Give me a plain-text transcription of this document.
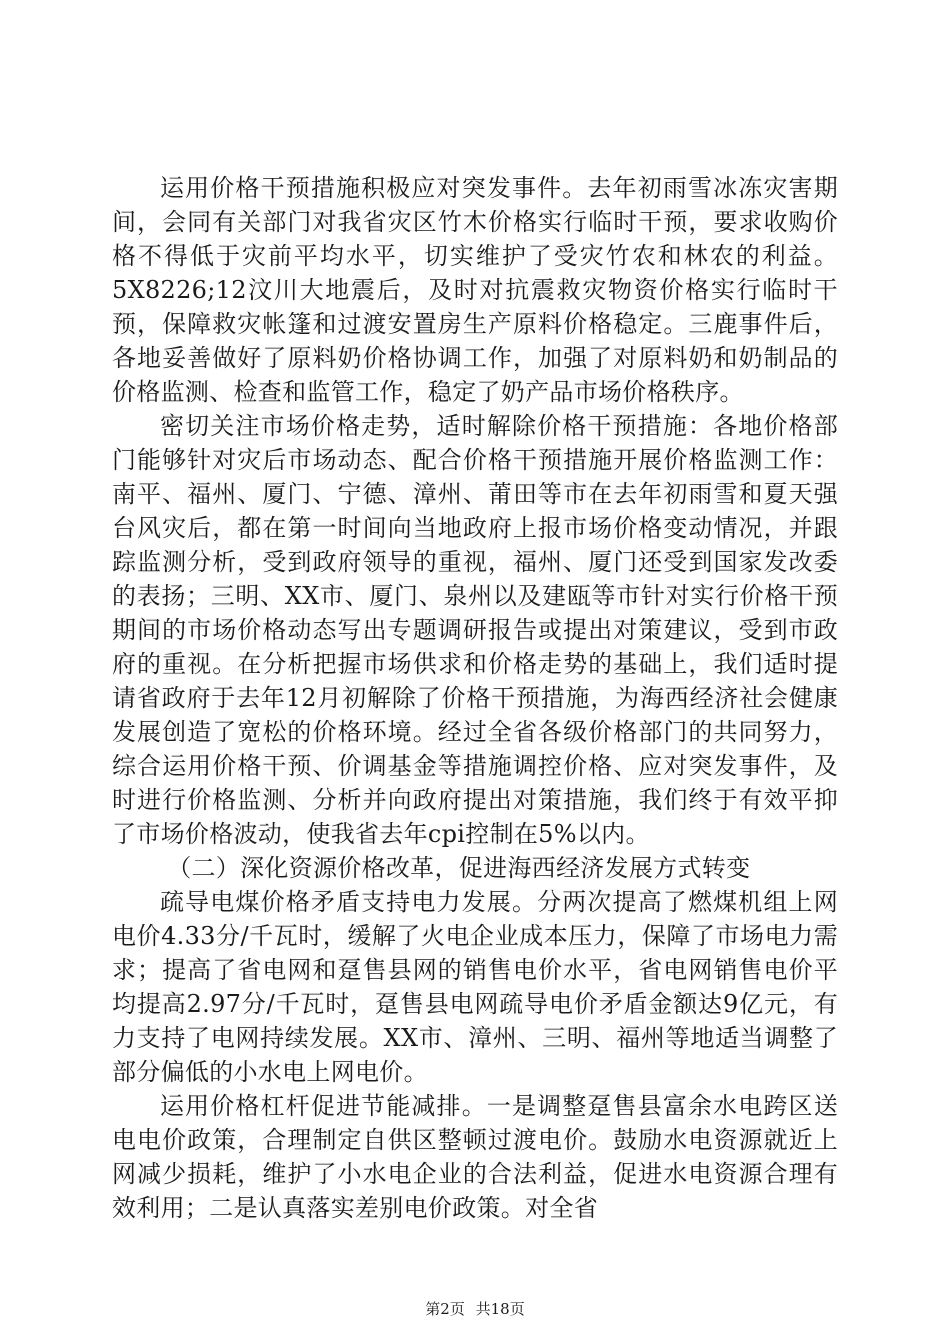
运用价格干预措施积极应对突发事件。去年初雨雪冰冻灾害期间，会同有关部门对我省灾区竹木价格实行临时干预，要求收购价格不得低于灾前平均水平，切实维护了受灾竹农和林农的利益。5X8226;12汶川大地震后，及时对抗震救灾物资价格实行临时干预，保障救灾帐篷和过渡安置房生产原料价格稳定。三鹿事件后，各地妥善做好了原料奶价格协调工作，加强了对原料奶和奶制品的价格监测、检查和监管工作，稳定了奶产品市场价格秩序。

密切关注市场价格走势，适时解除价格干预措施：各地价格部门能够针对灾后市场动态、配合价格干预措施开展价格监测工作：南平、福州、厦门、宁德、漳州、莆田等市在去年初雨雪和夏天强台风灾后，都在第一时间向当地政府上报市场价格变动情况，并跟踪监测分析，受到政府领导的重视，福州、厦门还受到国家发改委的表扬；三明、XX市、厦门、泉州以及建瓯等市针对实行价格干预期间的市场价格动态写出专题调研报告或提出对策建议，受到市政府的重视。在分析把握市场供求和价格走势的基础上，我们适时提请省政府于去年12月初解除了价格干预措施，为海西经济社会健康发展创造了宽松的价格环境。经过全省各级价格部门的共同努力，综合运用价格干预、价调基金等措施调控价格、应对突发事件，及时进行价格监测、分析并向政府提出对策措施，我们终于有效平抑了市场价格波动，使我省去年cpi控制在5%以内。

（二）深化资源价格改革，促进海西经济发展方式转变

疏导电煤价格矛盾支持电力发展。分两次提高了燃煤机组上网电价4.33分/千瓦时，缓解了火电企业成本压力，保障了市场电力需求；提高了省电网和趸售县网的销售电价水平，省电网销售电价平均提高2.97分/千瓦时，趸售县电网疏导电价矛盾金额达9亿元，有力支持了电网持续发展。XX市、漳州、三明、福州等地适当调整了部分偏低的小水电上网电价。

运用价格杠杆促进节能减排。一是调整趸售县富余水电跨区送电电价政策，合理制定自供区整顿过渡电价。鼓励水电资源就近上网减少损耗，维护了小水电企业的合法利益，促进水电资源合理有效利用；二是认真落实差别电价政策。对全省

第2页 共18页
